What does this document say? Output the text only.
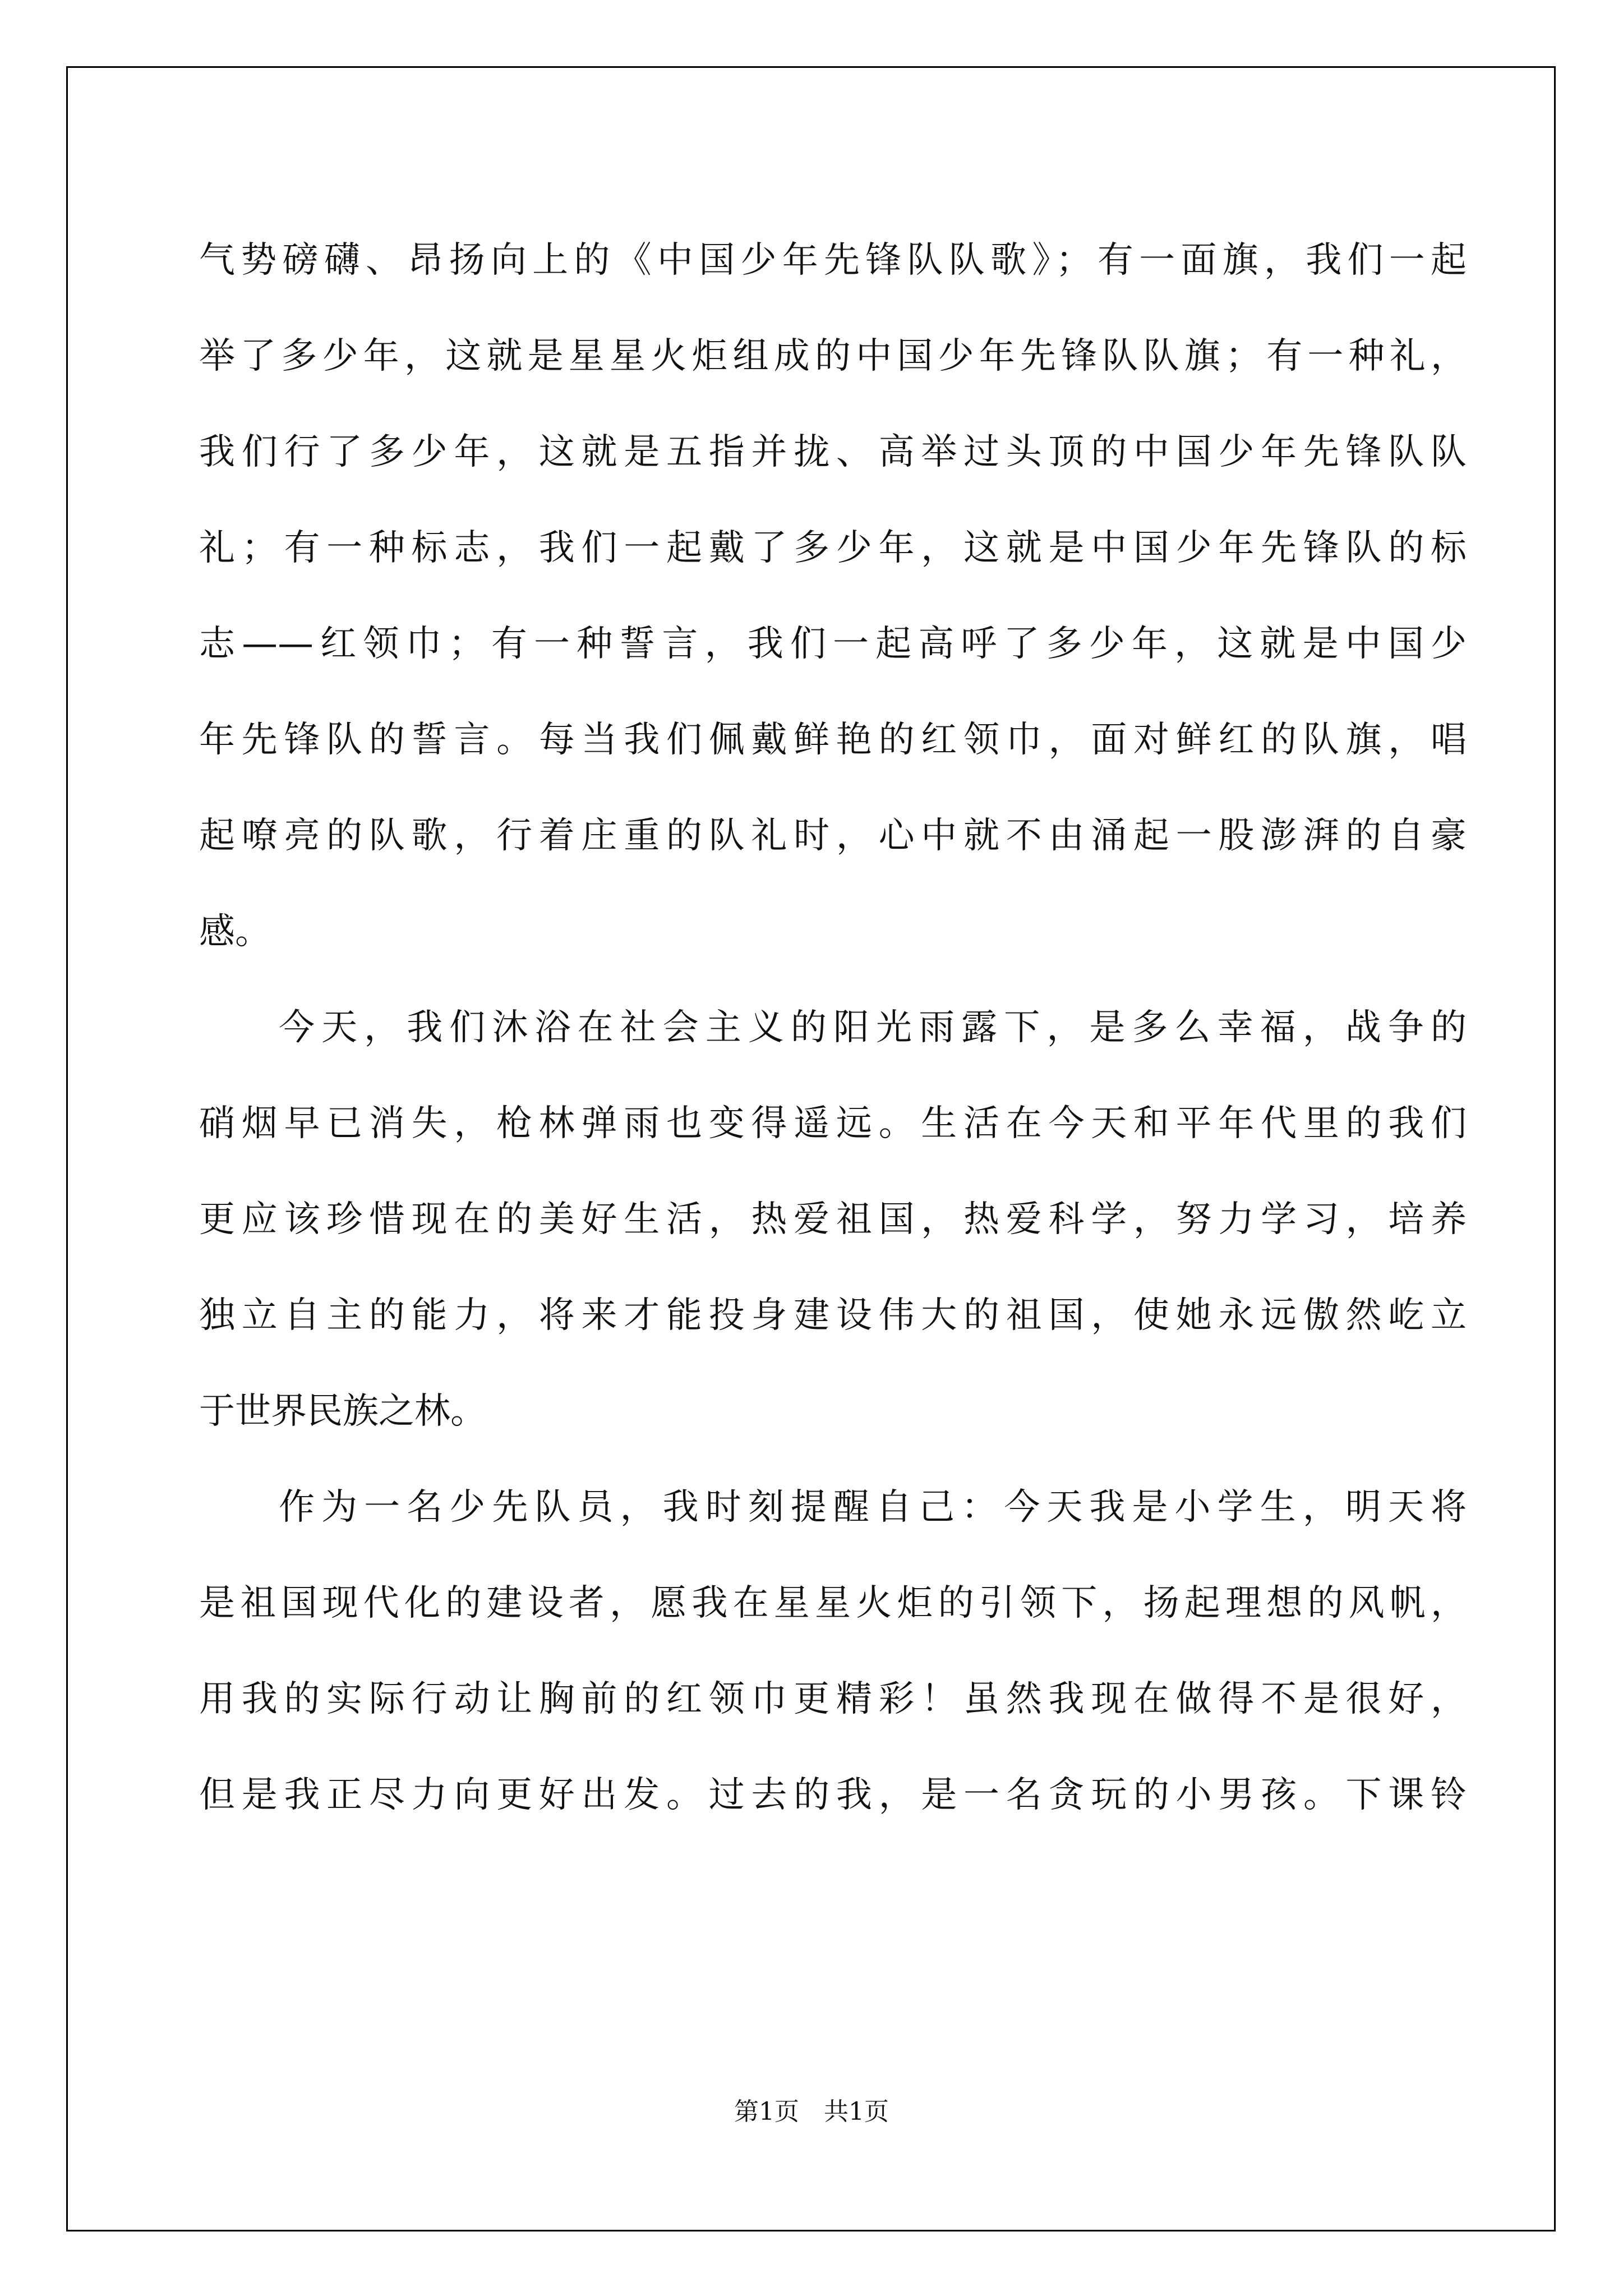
气势磅礴、昂扬向上的《中国少年先锋队队歌》；有一面旗，我们一起
举了多少年，这就是星星火炬组成的中国少年先锋队队旗；有一种礼，
我们行了多少年，这就是五指并拢、高举过头顶的中国少年先锋队队
礼；有一种标志，我们一起戴了多少年，这就是中国少年先锋队的标
志——红领巾；有一种誓言，我们一起高呼了多少年，这就是中国少
年先锋队的誓言。每当我们佩戴鲜艳的红领巾，面对鲜红的队旗，唱
起嘹亮的队歌，行着庄重的队礼时，心中就不由涌起一股澎湃的自豪
感。
今天，我们沐浴在社会主义的阳光雨露下，是多么幸福，战争的
硝烟早已消失，枪林弹雨也变得遥远。生活在今天和平年代里的我们
更应该珍惜现在的美好生活，热爱祖国，热爱科学，努力学习，培养
独立自主的能力，将来才能投身建设伟大的祖国，使她永远傲然屹立
于世界民族之林。
作为一名少先队员，我时刻提醒自己：今天我是小学生，明天将
是祖国现代化的建设者，愿我在星星火炬的引领下，扬起理想的风帆，
用我的实际行动让胸前的红领巾更精彩！虽然我现在做得不是很好，
但是我正尽力向更好出发。过去的我，是一名贪玩的小男孩。下课铃
第1页　共1页
